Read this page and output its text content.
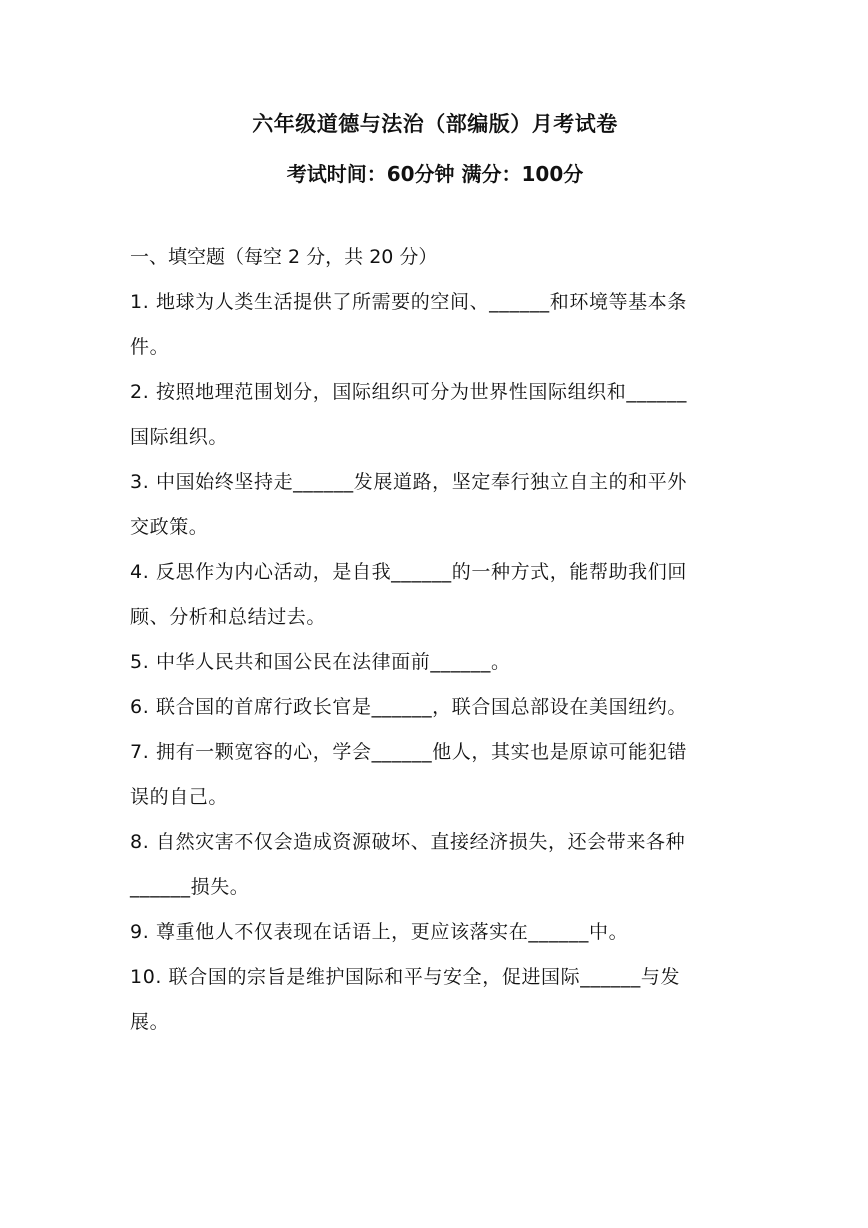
六年级道德与法治（部编版）月考试卷
考试时间：60分钟 满分：100分
一、填空题（每空 2 分，共 20 分）
1. 地球为人类生活提供了所需要的空间、______和环境等基本条
件。
2. 按照地理范围划分，国际组织可分为世界性国际组织和______
国际组织。
3. 中国始终坚持走______发展道路，坚定奉行独立自主的和平外
交政策。
4. 反思作为内心活动，是自我______的一种方式，能帮助我们回
顾、分析和总结过去。
5. 中华人民共和国公民在法律面前______。
6. 联合国的首席行政长官是______，联合国总部设在美国纽约。
7. 拥有一颗宽容的心，学会______他人，其实也是原谅可能犯错
误的自己。
8. 自然灾害不仅会造成资源破坏、直接经济损失，还会带来各种
______损失。
9. 尊重他人不仅表现在话语上，更应该落实在______中。
10. 联合国的宗旨是维护国际和平与安全，促进国际______与发
展。
